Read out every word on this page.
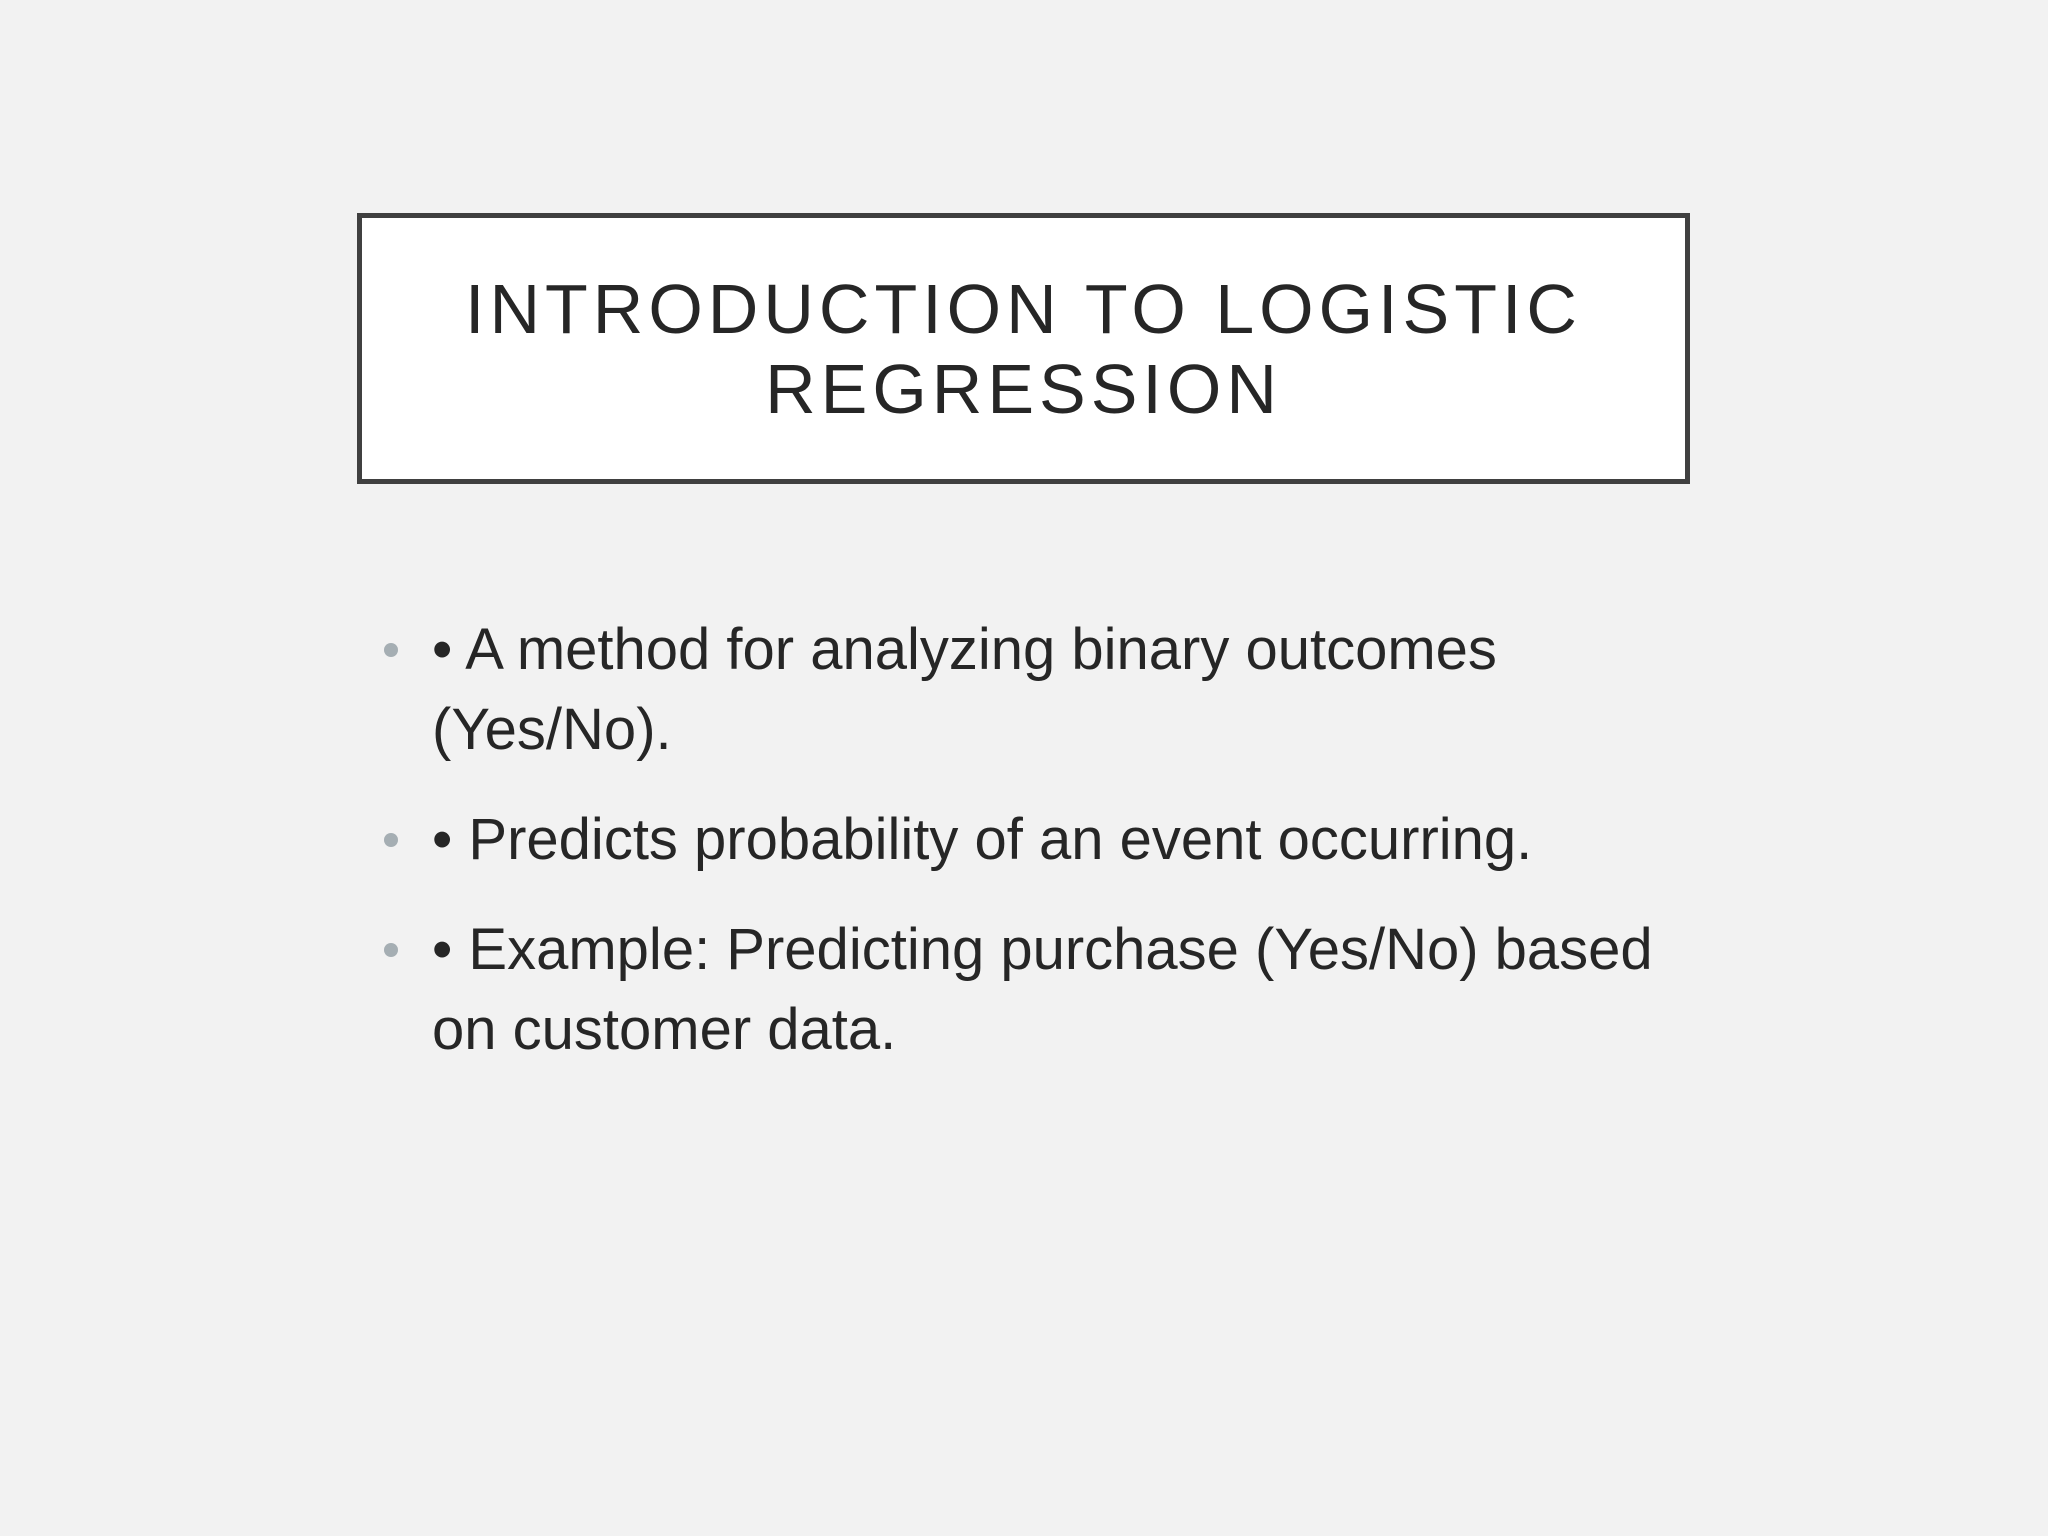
INTRODUCTION TO LOGISTIC REGRESSION
• A method for analyzing binary outcomes (Yes/No).
• Predicts probability of an event occurring.
• Example: Predicting purchase (Yes/No) based on customer data.
